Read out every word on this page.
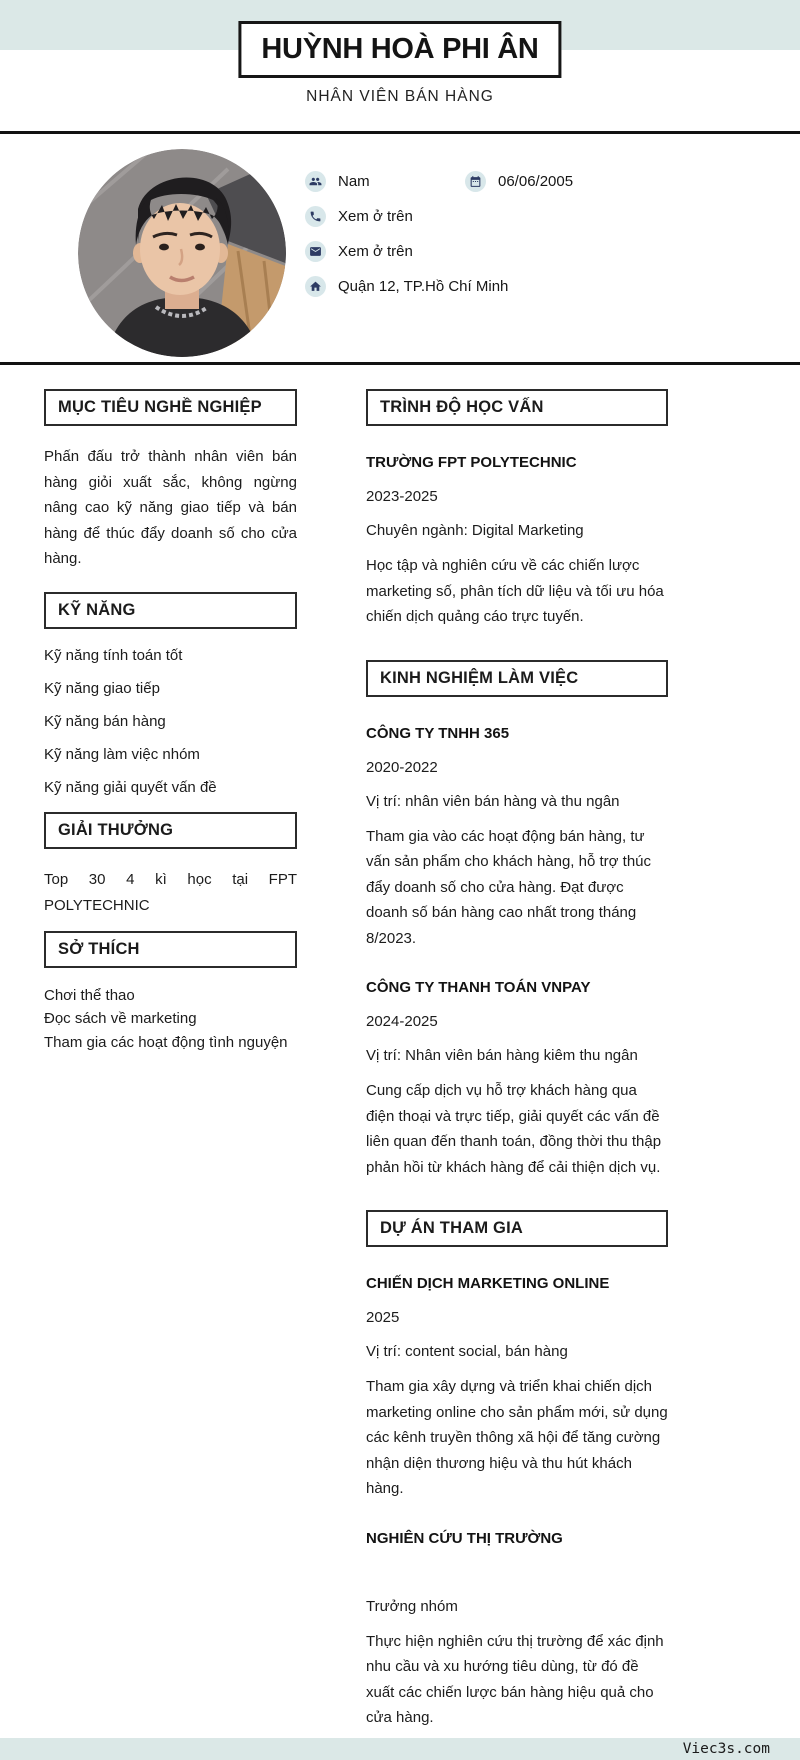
HUỲNH HOÀ PHI ÂN
NHÂN VIÊN BÁN HÀNG
Nam	06/06/2005
Xem ở trên
Xem ở trên
Quận 12, TP.Hồ Chí Minh
MỤC TIÊU NGHỀ NGHIỆP

Phấn đấu trở thành nhân viên bán hàng giỏi xuất sắc, không ngừng nâng cao kỹ năng giao tiếp và bán hàng để thúc đẩy doanh số cho cửa hàng.

KỸ NĂNG
Kỹ năng tính toán tốt
Kỹ năng giao tiếp
Kỹ năng bán hàng
Kỹ năng làm việc nhóm
Kỹ năng giải quyết vấn đề
GIẢI THƯỞNG

Top 30 4 kì học tại FPT POLYTECHNIC

SỞ THÍCH
Chơi thể thao
Đọc sách về marketing
Tham gia các hoạt động tình nguyện
TRÌNH ĐỘ HỌC VẤN
TRƯỜNG FPT POLYTECHNIC
2023-2025
Chuyên ngành: Digital Marketing
Học tập và nghiên cứu về các chiến lược marketing số, phân tích dữ liệu và tối ưu hóa chiến dịch quảng cáo trực tuyến.
KINH NGHIỆM LÀM VIỆC
CÔNG TY TNHH 365
2020-2022
Vị trí: nhân viên bán hàng và thu ngân
Tham gia vào các hoạt động bán hàng, tư vấn sản phẩm cho khách hàng, hỗ trợ thúc đẩy doanh số cho cửa hàng. Đạt được doanh số bán hàng cao nhất trong tháng 8/2023.
CÔNG TY THANH TOÁN VNPAY
2024-2025
Vị trí: Nhân viên bán hàng kiêm thu ngân
Cung cấp dịch vụ hỗ trợ khách hàng qua điện thoại và trực tiếp, giải quyết các vấn đề liên quan đến thanh toán, đồng thời thu thập phản hồi từ khách hàng để cải thiện dịch vụ.
DỰ ÁN THAM GIA
CHIẾN DỊCH MARKETING ONLINE
2025
Vị trí: content social, bán hàng
Tham gia xây dựng và triển khai chiến dịch marketing online cho sản phẩm mới, sử dụng các kênh truyền thông xã hội để tăng cường nhận diện thương hiệu và thu hút khách hàng.
NGHIÊN CỨU THỊ TRƯỜNG
Trưởng nhóm
Thực hiện nghiên cứu thị trường để xác định nhu cầu và xu hướng tiêu dùng, từ đó đề xuất các chiến lược bán hàng hiệu quả cho cửa hàng.
Viec3s.com
